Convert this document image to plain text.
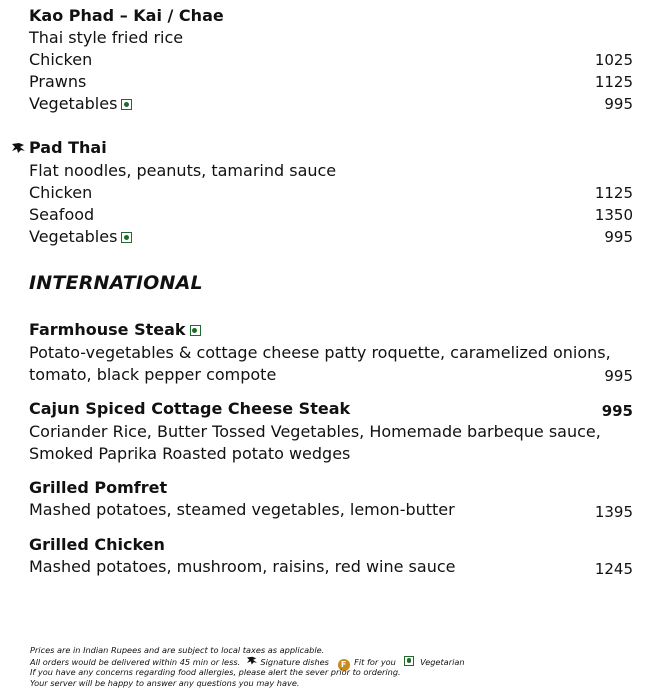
Kao Phad – Kai / Chae
Thai style fried rice
Chicken	1025
Prawns	1125
Vegetables	995
Pad Thai
Flat noodles, peanuts, tamarind sauce
Chicken	1125
Seafood	1350
Vegetables	995
INTERNATIONAL
Farmhouse Steak
Potato-vegetables & cottage cheese patty roquette, caramelized onions,
tomato, black pepper compote	995
Cajun Spiced Cottage Cheese Steak	995
Coriander Rice, Butter Tossed Vegetables, Homemade barbeque sauce,
Smoked Paprika Roasted potato wedges
Grilled Pomfret
Mashed potatoes, steamed vegetables, lemon-butter	1395
Grilled Chicken
Mashed potatoes, mushroom, raisins, red wine sauce	1245
Prices are in Indian Rupees and are subject to local taxes as applicable.
All orders would be delivered within 45 min or less. Signature dishes F Fit for you	Vegetarian
If you have any concerns regarding food allergies, please alert the sever prior to ordering.
Your server will be happy to answer any questions you may have.
